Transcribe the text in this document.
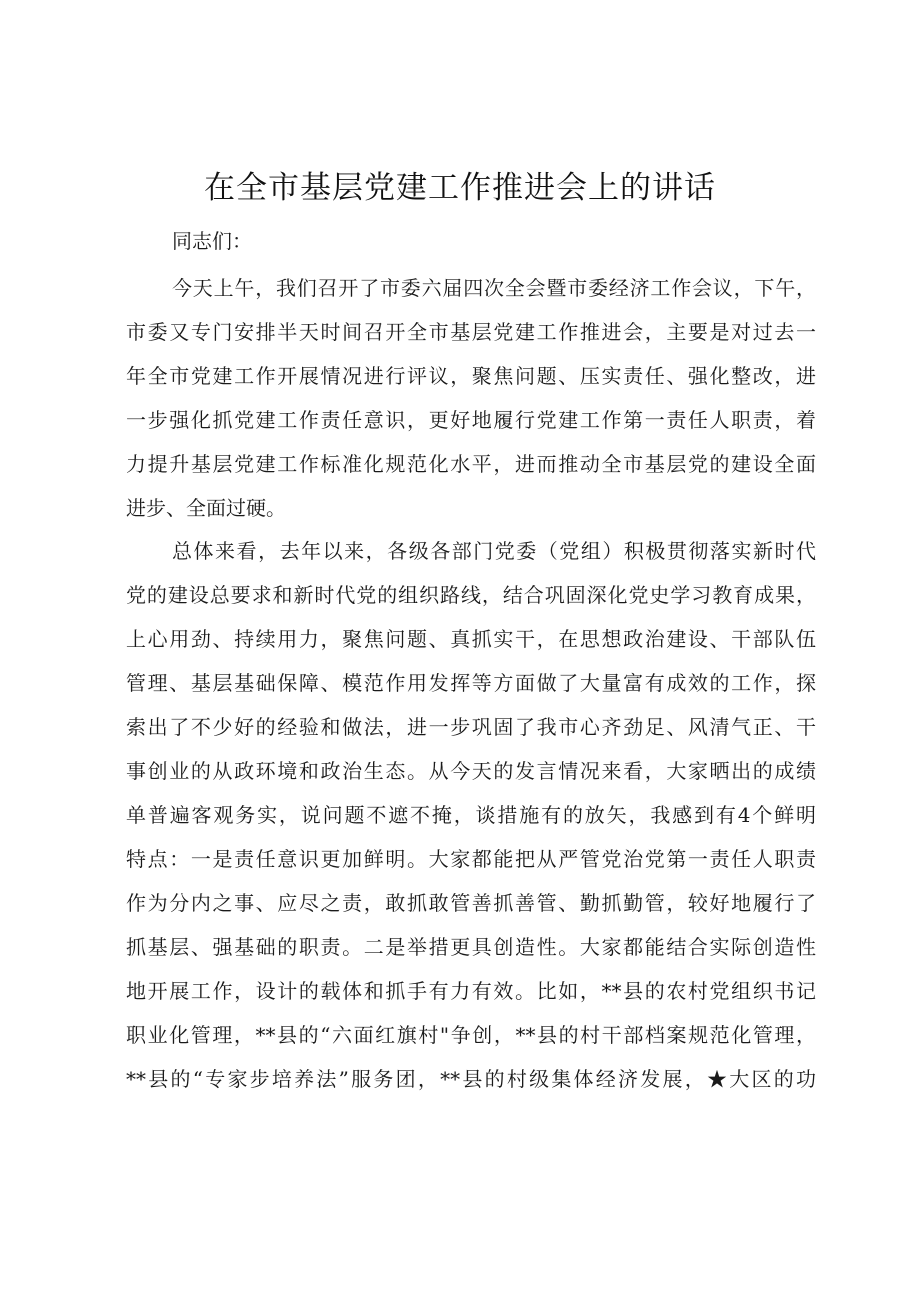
在全市基层党建工作推进会上的讲话
同志们：
今天上午，我们召开了市委六届四次全会暨市委经济工作会议，下午，
市委又专门安排半天时间召开全市基层党建工作推进会，主要是对过去一
年全市党建工作开展情况进行评议，聚焦问题、压实责任、强化整改，进
一步强化抓党建工作责任意识，更好地履行党建工作第一责任人职责，着
力提升基层党建工作标准化规范化水平，进而推动全市基层党的建设全面
进步、全面过硬。
总体来看，去年以来，各级各部门党委（党组）积极贯彻落实新时代
党的建设总要求和新时代党的组织路线，结合巩固深化党史学习教育成果，
上心用劲、持续用力，聚焦问题、真抓实干，在思想政治建设、干部队伍
管理、基层基础保障、模范作用发挥等方面做了大量富有成效的工作，探
索出了不少好的经验和做法，进一步巩固了我市心齐劲足、风清气正、干
事创业的从政环境和政治生态。从今天的发言情况来看，大家晒出的成绩
单普遍客观务实，说问题不遮不掩，谈措施有的放矢，我感到有4个鲜明
特点：一是责任意识更加鲜明。大家都能把从严管党治党第一责任人职责
作为分内之事、应尽之责，敢抓敢管善抓善管、勤抓勤管，较好地履行了
抓基层、强基础的职责。二是举措更具创造性。大家都能结合实际创造性
地开展工作，设计的载体和抓手有力有效。比如，**县的农村党组织书记
职业化管理，**县的“六面红旗村"争创，**县的村干部档案规范化管理，
**县的“专家步培养法”服务团，**县的村级集体经济发展，★大区的功
